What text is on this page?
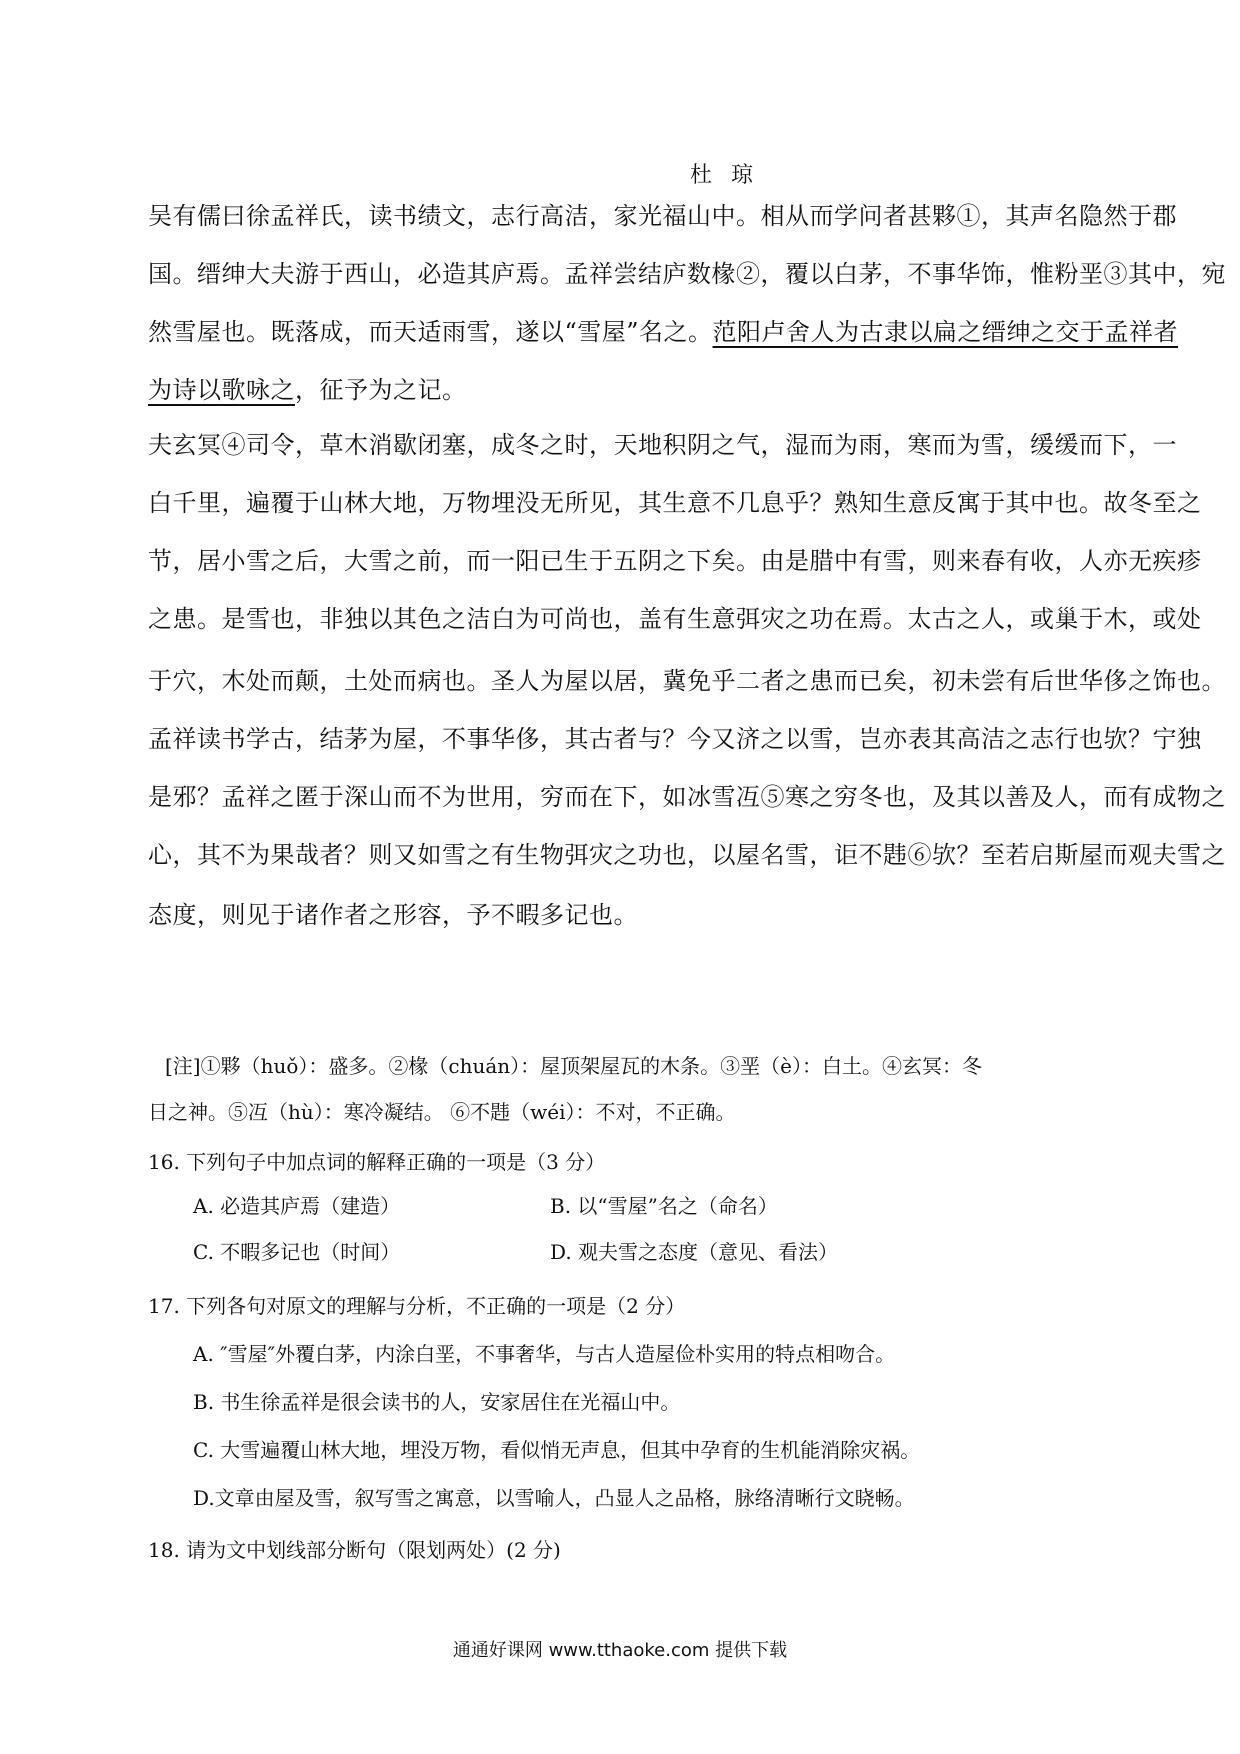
杜 琼
吴有儒曰徐孟祥氏，读书绩文，志行高洁，家光福山中。相从而学问者甚夥①，其声名隐然于郡
国。缙绅大夫游于西山，必造其庐焉。孟祥尝结庐数椽②，覆以白茅，不事华饰，惟粉垩③其中，宛
然雪屋也。既落成，而天适雨雪，遂以“雪屋”名之。范阳卢舍人为古隶以扁之缙绅之交于孟祥者
为诗以歌咏之，征予为之记。
夫玄冥④司令，草木消歇闭塞，成冬之时，天地积阴之气，湿而为雨，寒而为雪，缓缓而下，一
白千里，遍覆于山林大地，万物埋没无所见，其生意不几息乎？熟知生意反寓于其中也。故冬至之
节，居小雪之后，大雪之前，而一阳已生于五阴之下矣。由是腊中有雪，则来春有收，人亦无疾疹
之患。是雪也，非独以其色之洁白为可尚也，盖有生意弭灾之功在焉。太古之人，或巢于木，或处
于穴，木处而颠，土处而病也。圣人为屋以居，冀免乎二者之患而已矣，初未尝有后世华侈之饰也。
孟祥读书学古，结茅为屋，不事华侈，其古者与？今又济之以雪，岂亦表其高洁之志行也欤？宁独
是邪？孟祥之匿于深山而不为世用，穷而在下，如冰雪冱⑤寒之穷冬也，及其以善及人，而有成物之
心，其不为果哉者？则又如雪之有生物弭灾之功也，以屋名雪，讵不韪⑥欤？至若启斯屋而观夫雪之
态度，则见于诸作者之形容，予不暇多记也。
[注]①夥（huǒ）：盛多。②椽（chuán）：屋顶架屋瓦的木条。③垩（è）：白土。④玄冥：冬
日之神。⑤冱（hù）：寒冷凝结。 ⑥不韪（wéi）：不对，不正确。
16. 下列句子中加点词的解释正确的一项是（3 分）
A. 必造其庐焉（建造）	B. 以“雪屋”名之（命名）
C. 不暇多记也（时间）	D. 观夫雪之态度（意见、看法）
17. 下列各句对原文的理解与分析，不正确的一项是（2 分）
A. ″雪屋″外覆白茅，内涂白垩，不事奢华，与古人造屋俭朴实用的特点相吻合。
B. 书生徐孟祥是很会读书的人，安家居住在光福山中。
C. 大雪遍覆山林大地，埋没万物，看似悄无声息，但其中孕育的生机能消除灾祸。
D.文章由屋及雪，叙写雪之寓意，以雪喻人，凸显人之品格，脉络清晰行文晓畅。
18. 请为文中划线部分断句（限划两处）(2 分)
通通好课网 www.tthaoke.com 提供下载
